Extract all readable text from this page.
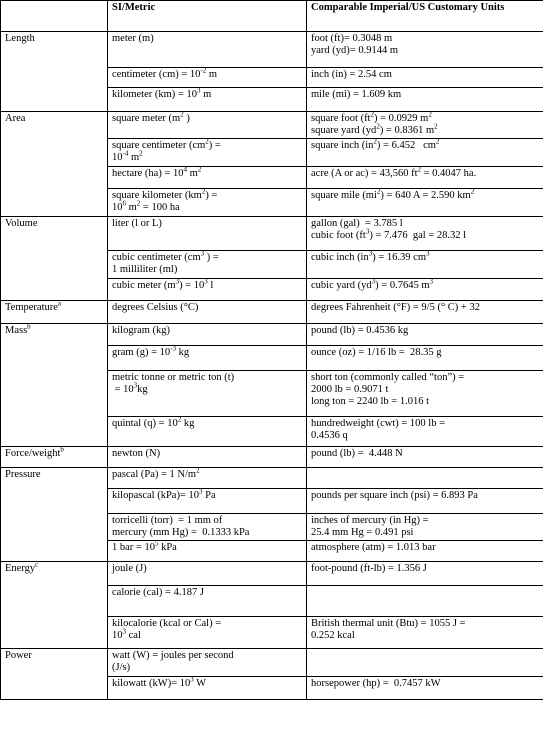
	SI/Metric	Comparable Imperial/US Customary Units
Length	meter (m)	foot (ft)= 0.3048 m
yard (yd)= 0.9144 m

	centimeter $(cm) = 10^{-2}$ m	inch (in) = 2.54 cm

	kilometer $(km) = 10^3$ m	mile (mi) = 1.609 km

Area	square meter ($m^2$ )	square foot $(ft^2) = 0.0929$ $m^2$
square yard $(yd^2) = 0.8361$ $m^2$

	square centimeter $(cm^2)$ =
$10^{-4}$ $m^2$	square inch $(in^2) = 6.452$   $cm^2$

	hectare $(ha) = 10^4$ $m^2$	acre (A or ac) = 43,560 $ft^2 = 0.4047$ ha.

	square kilometer $(km^2)$ =
$10^6$ $m^2 = 100$ ha	square mile $(mi^2) = 640$ A = 2.590 $km^2$

Volume	liter (l or L)	gallon (gal)  = 3.785 l
cubic foot $(ft^3) = 7.476$  gal = 28.32 l

	cubic centimeter ($cm^3$ ) =
1 milliliter (ml)	cubic inch $(in^3) = 16.39$ $cm^3$

	cubic meter $(m^3) = 10^3$ l	cubic yard $(yd^3) = 0.7645$ $m^3$

Temperature$^a$	degrees Celsius (°C)	degrees Fahrenheit (°F) = 9/5 (° C) + 32

Mass$^b$	kilogram (kg)	pound (lb) = 0.4536 kg

	gram $(g) = 10^{-3}$ kg	ounce (oz) = 1/16 lb =  28.35 g

	metric tonne or metric ton (t)
= $10^3kg$	short ton (commonly called “ton”) =
2000 lb = 0.9071 t
long ton = 2240 lb = 1.016 t

	quintal $(q) = 10^2$ kg	hundredweight (cwt) = 100 lb =
0.4536 q

Force/weight$^b$	newton (N)	pound (lb) =  4.448 N

Pressure	pascal (Pa) = 1 $N/m^2$

	kilopascal $(kPa)= 10^3$ Pa	pounds per square inch (psi) = 6.893 Pa

	torricelli (torr)  = 1 mm of
mercury (mm Hg) =  0.1333 kPa	inches of mercury (in Hg) =
25.4 mm Hg = 0.491 psi

	1 bar = $10^5$ kPa	atmosphere (atm) = 1.013 bar

Energy$^c$	joule (J)	foot-pound (ft-lb) = 1.356 J

	calorie (cal) = 4.187 J	

	kilocalorie (kcal or Cal) =
$10^3$ cal	British thermal unit (Btu) = 1055 J =
0.252 kcal

Power	watt (W) = joules per second
(J/s)	

	kilowatt $(kW)= 10^3$ W	horsepower (hp) =  0.7457 kW
